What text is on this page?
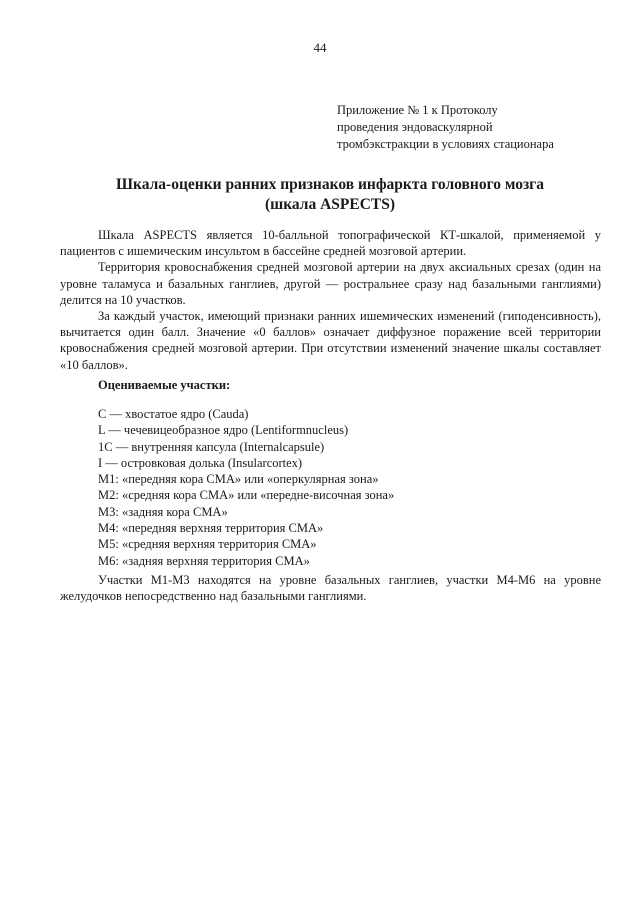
44
Приложение № 1 к Протоколу
проведения эндоваскулярной
тромбэкстракции в условиях стационара
Шкала-оценки ранних признаков инфаркта головного мозга
(шкала ASPECTS)

Шкала ASPECTS является 10-балльной топографической КТ-шкалой, применяемой у пациентов с ишемическим инсультом в бассейне средней мозговой артерии.

Территория кровоснабжения средней мозговой артерии на двух аксиальных срезах (один на уровне таламуса и базальных ганглиев, другой — ростральнее сразу над базальными ганглиями) делится на 10 участков.

За каждый участок, имеющий признаки ранних ишемических изменений (гиподенсивность), вычитается один балл. Значение «0 баллов» означает диффузное поражение всей территории кровоснабжения средней мозговой артерии. При отсутствии изменений значение шкалы составляет «10 баллов».

Оцениваемые участки:
С — хвостатое ядро (Cauda)
L — чечевицеобразное ядро (Lentiformnucleus)
1С — внутренняя капсула (Internalcapsule)
I — островковая долька (Insularcortex)
М1: «передняя кора СМА» или «оперкулярная зона»
М2: «средняя кора СМА» или «передне-височная зона»
М3: «задняя кора СМА»
М4: «передняя верхняя территория СМА»
М5: «средняя верхняя территория СМА»
М6: «задняя верхняя территория СМА»

Участки М1-М3 находятся на уровне базальных ганглиев, участки М4-М6 на уровне желудочков непосредственно над базальными ганглиями.
